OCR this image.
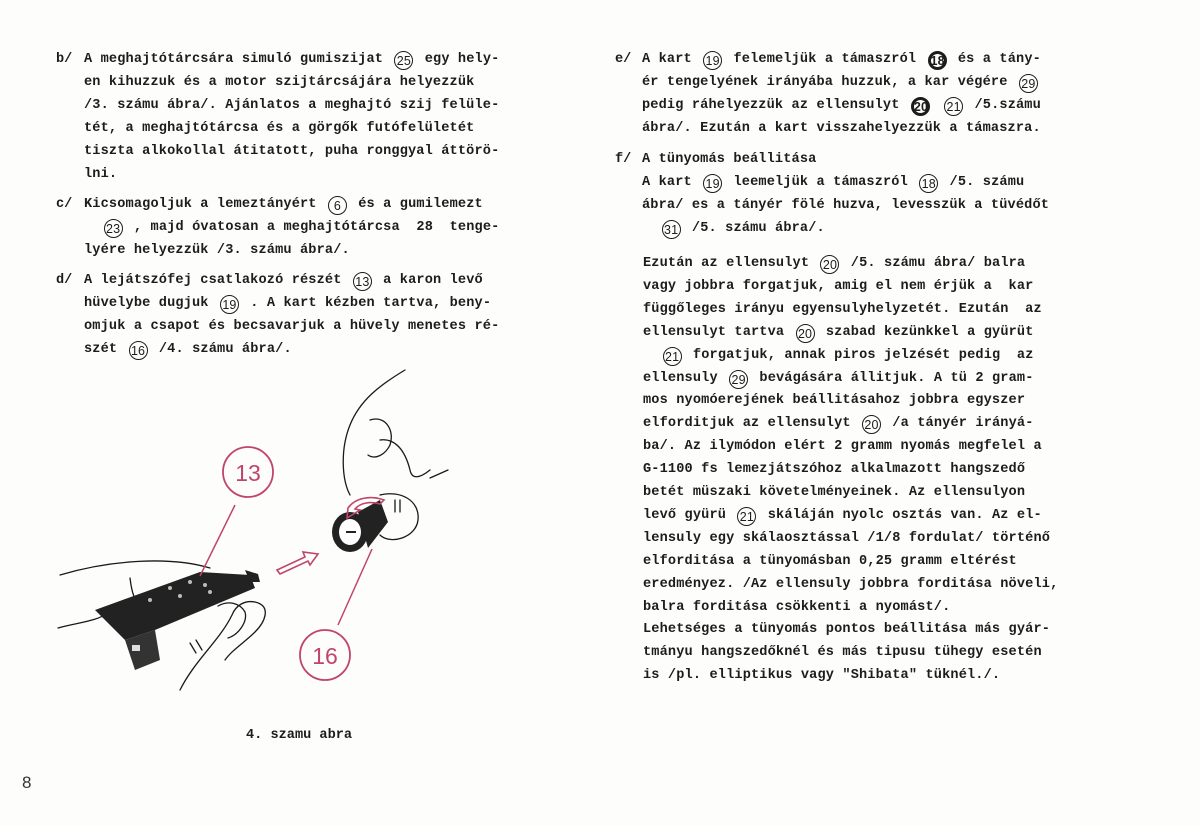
b/ A meghajtótárcsára simuló gumiszijat 25 egy hely-
en kihuzzuk és a motor szijtárcsájára helyezzük
/3. számu ábra/. Ajánlatos a meghajtó szij felüle-
tét, a meghajtótárcsa és a görgők futófelületét
tiszta alkokollal átitatott, puha ronggyal áttörö-
lni.
c/ Kicsomagoljuk a lemeztányért 6 és a gumilemezt
23 , majd óvatosan a meghajtótárcsa  28  tenge-
lyére helyezzük /3. számu ábra/.
d/ A lejátszófej csatlakozó részét 13 a karon levő
hüvelybe dugjuk 19 . A kart kézben tartva, beny-
omjuk a csapot és becsavarjuk a hüvely menetes ré-
szét 16 /4. számu ábra/.
e/ A kart 19 felemeljük a támaszról 18 és a tány-
ér tengelyének irányába huzzuk, a kar végére 29
pedig ráhelyezzük az ellensulyt 20 21 /5.számu
ábra/. Ezután a kart visszahelyezzük a támaszra.
f/ A tünyomás beállitása
A kart 19 leemeljük a támaszról 18 /5. számu
ábra/ es a tányér fölé huzva, levesszük a tüvédőt
31 /5. számu ábra/.
Ezután az ellensulyt 20 /5. számu ábra/ balra
vagy jobbra forgatjuk, amig el nem érjük a  kar
függőleges irányu egyensulyhelyzetét. Ezután  az
ellensulyt tartva 20 szabad kezünkkel a gyürüt
21 forgatjuk, annak piros jelzését pedig  az
ellensuly 29 bevágására állitjuk. A tü 2 gram-
mos nyomóerejének beállitásahoz jobbra egyszer
elforditjuk az ellensulyt 20 /a tányér irányá-
ba/. Az ilymódon elért 2 gramm nyomás megfelel a
G-1100 fs lemezjátszóhoz alkalmazott hangszedő
betét müszaki követelményeinek. Az ellensulyon
levő gyürü 21 skáláján nyolc osztás van. Az el-
lensuly egy skálaosztással /1/8 fordulat/ történő
elforditása a tünyomásban 0,25 gramm eltérést
eredményez. /Az ellensuly jobbra forditása növeli,
balra forditása csökkenti a nyomást/.
Lehetséges a tünyomás pontos beállitása más gyár-
tmányu hangszedőknél és más tipusu tühegy esetén
is /pl. elliptikus vagy "Shibata" tüknél./.
13
16
4. szamu abra
8
